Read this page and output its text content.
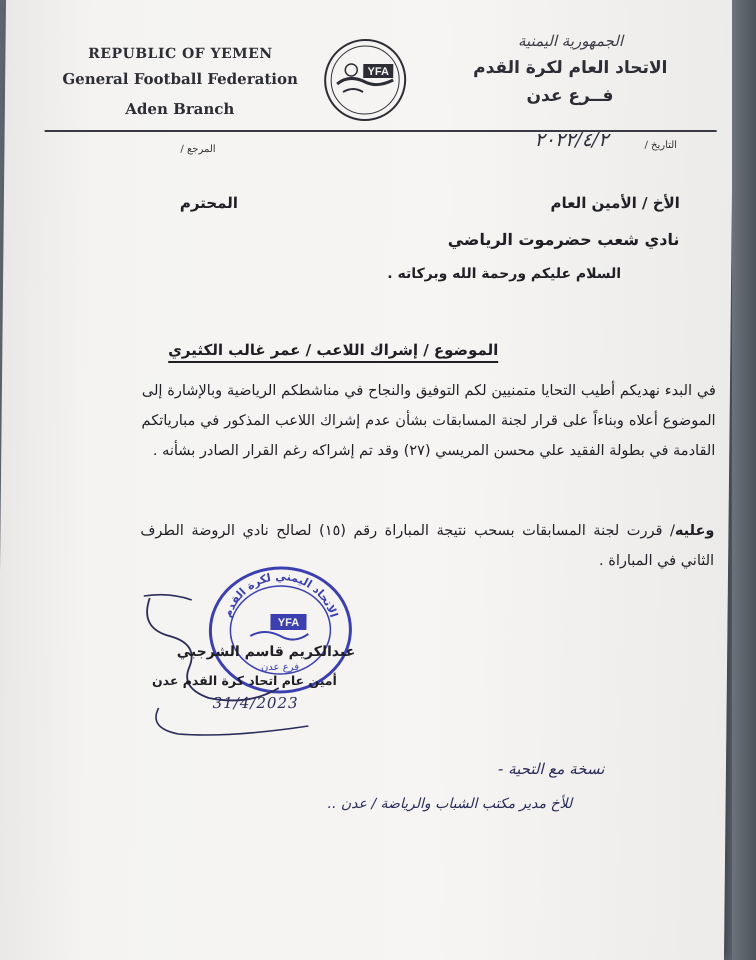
REPUBLIC OF YEMEN
General Football Federation
Aden Branch
YFA
الجمهورية اليمنية
الاتحاد العام لكرة القدم
فــرع عدن
التاريخ /
٢٠٢٢/٤/٢
المرجع /
الأخ / الأمين العام
المحترم
نادي شعب حضرموت الرياضي
السلام عليكم ورحمة الله وبركاته .
الموضوع / إشراك اللاعب / عمر غالب الكثيري
في البدء نهديكم أطيب التحايا متمنيين لكم التوفيق والنجاح في مناشطكم الرياضية وبالإشارة إلى الموضوع أعلاه وبناءاً على قرار لجنة المسابقات بشأن عدم إشراك اللاعب المذكور في مبارياتكم القادمة في بطولة الفقيد علي محسن المريسي (٢٧) وقد تم إشراكه رغم القرار الصادر بشأنه .
وعليه/ قررت لجنة المسابقات بسحب نتيجة المباراة رقم (١٥) لصالح نادي الروضة الطرف الثاني في المباراة .
الاتحاد اليمني لكرة القدم
YFA
فرع عدن
عبدالكريم قاسم الشرجبي
أمين عام اتحاد كرة القدم عدن
31/4/2023
نسخة مع التحية -
للأخ مدير مكتب الشباب والرياضة / عدن ..
